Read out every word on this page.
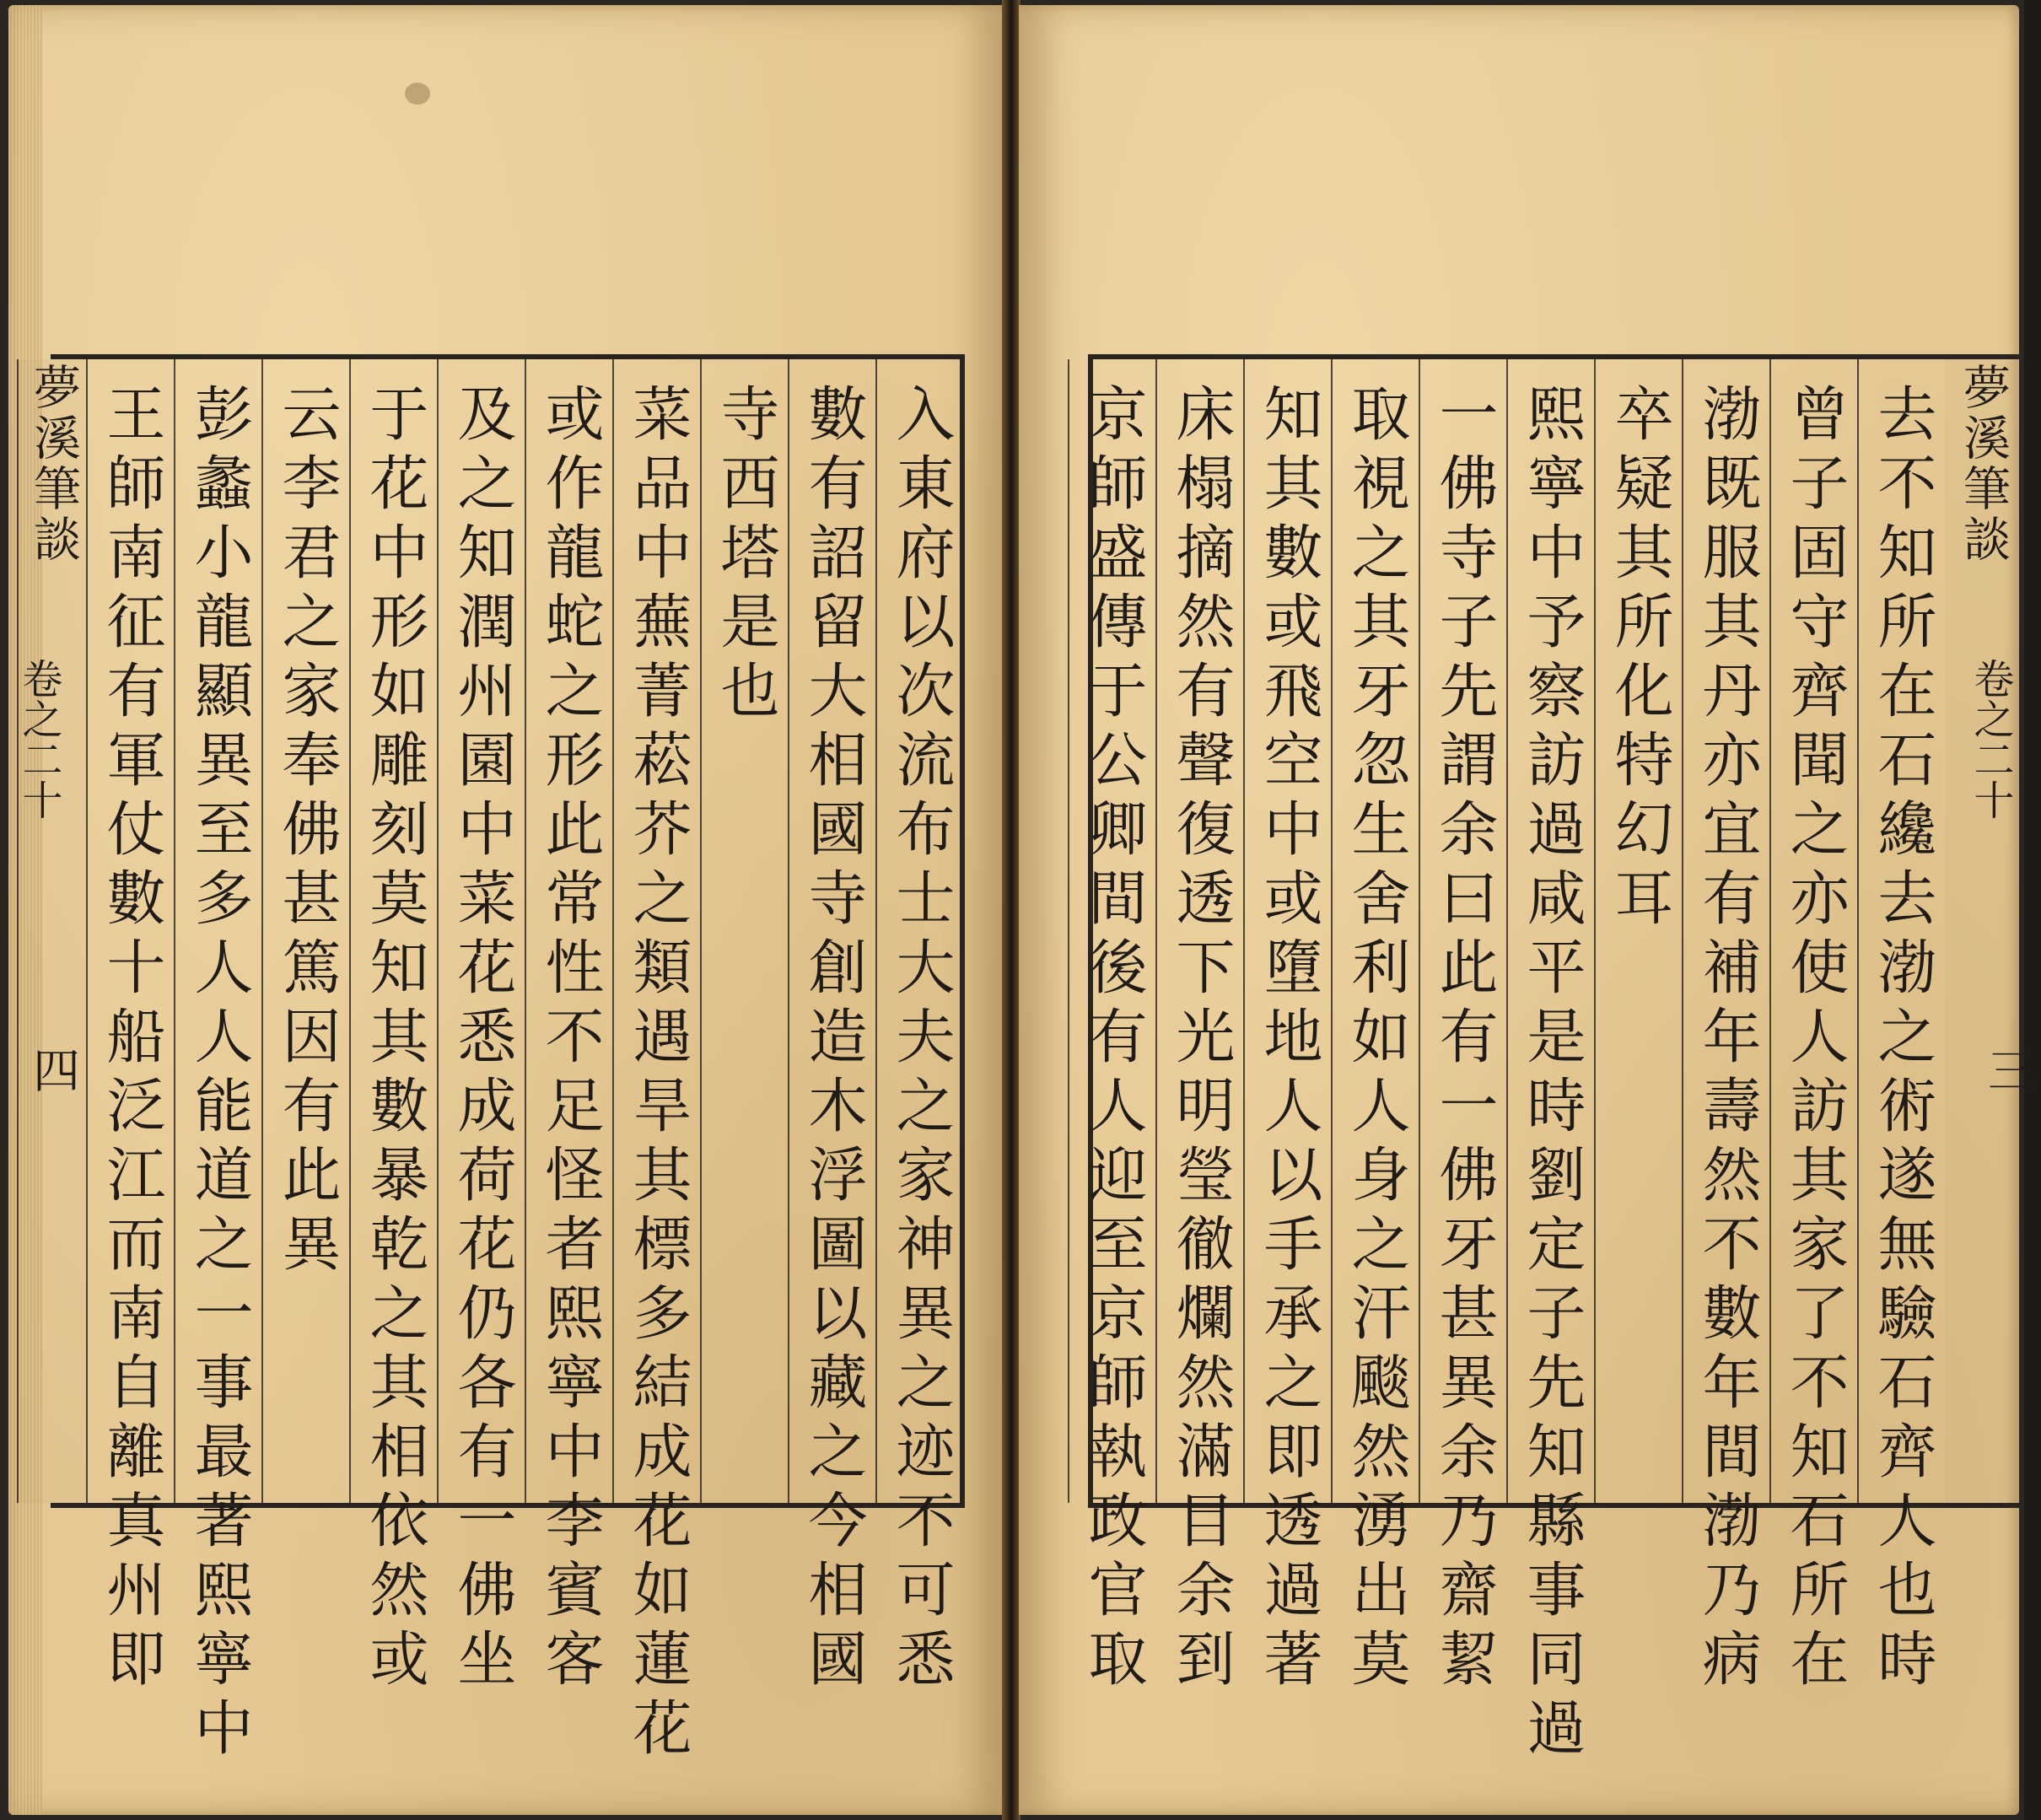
入東府以次流布士大夫之家神異之迹不可悉
數有詔留大相國寺創造木浮圖以藏之今相國
寺西塔是也
菜品中蕪菁菘芥之類遇旱其標多結成花如蓮花
或作龍蛇之形此常性不足怪者熙寧中李賓客
及之知潤州園中菜花悉成荷花仍各有一佛坐
于花中形如雕刻莫知其數暴乾之其相依然或
云李君之家奉佛甚篤因有此異
彭蠡小龍顯異至多人人能道之一事最著熙寧中
王師南征有軍仗數十船泛江而南自離真州即
夢溪筆談
卷之二十
四
夢溪筆談
去不知所在石纔去渤之術遂無驗石齊人也時
曾子固守齊聞之亦使人訪其家了不知石所在
渤既服其丹亦宜有補年壽然不數年間渤乃病
卒疑其所化特幻耳
熙寧中予察訪過咸平是時劉定子先知縣事同過
一佛寺子先謂余曰此有一佛牙甚異余乃齋絜
取視之其牙忽生舍利如人身之汗颷然湧出莫
知其數或飛空中或墮地人以手承之即透過著
床榻摘然有聲復透下光明瑩徹爛然滿目余到
京師盛傳于公卿間後有人迎至京師執政官取	卷之二十
三
